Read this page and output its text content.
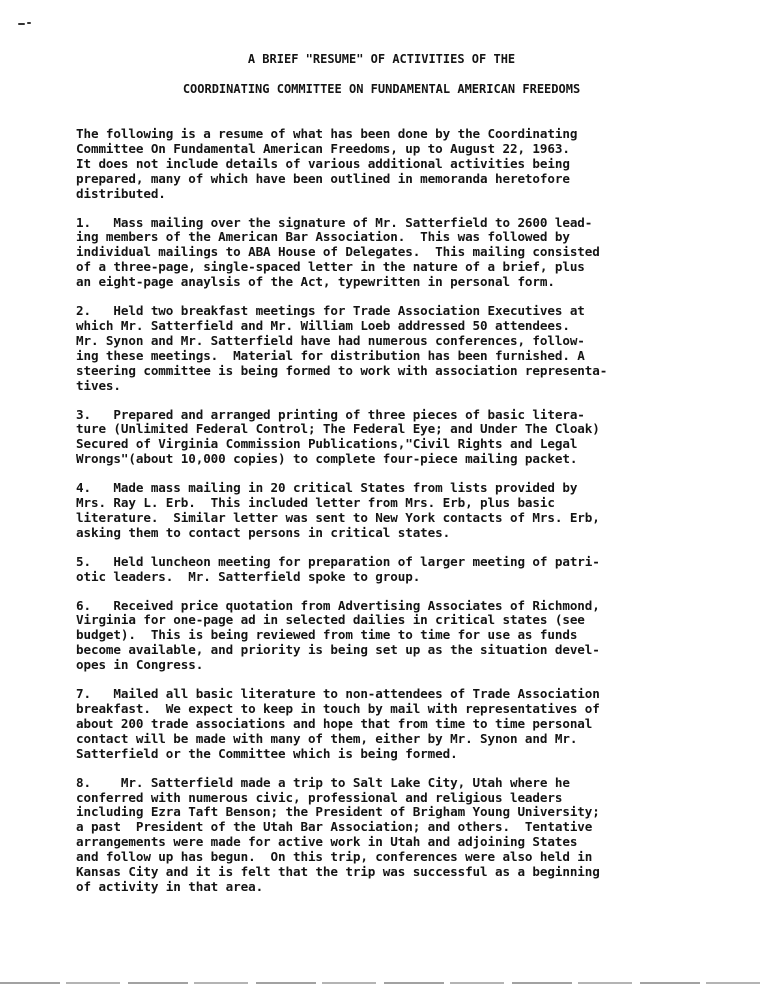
A BRIEF "RESUME" OF ACTIVITIES OF THE
COORDINATING COMMITTEE ON FUNDAMENTAL AMERICAN FREEDOMS

The following is a resume of what has been done by the Coordinating
Committee On Fundamental American Freedoms, up to August 22, 1963.
It does not include details of various additional activities being
prepared, many of which have been outlined in memoranda heretofore
distributed.

1.   Mass mailing over the signature of Mr. Satterfield to 2600 lead-
ing members of the American Bar Association.  This was followed by
individual mailings to ABA House of Delegates.  This mailing consisted
of a three-page, single-spaced letter in the nature of a brief, plus
an eight-page anaylsis of the Act, typewritten in personal form.

2.   Held two breakfast meetings for Trade Association Executives at
which Mr. Satterfield and Mr. William Loeb addressed 50 attendees.
Mr. Synon and Mr. Satterfield have had numerous conferences, follow-
ing these meetings.  Material for distribution has been furnished. A
steering committee is being formed to work with association representa-
tives.

3.   Prepared and arranged printing of three pieces of basic litera-
ture (Unlimited Federal Control; The Federal Eye; and Under The Cloak)
Secured of Virginia Commission Publications,"Civil Rights and Legal
Wrongs"(about 10,000 copies) to complete four-piece mailing packet.

4.   Made mass mailing in 20 critical States from lists provided by
Mrs. Ray L. Erb.  This included letter from Mrs. Erb, plus basic
literature.  Similar letter was sent to New York contacts of Mrs. Erb,
asking them to contact persons in critical states.

5.   Held luncheon meeting for preparation of larger meeting of patri-
otic leaders.  Mr. Satterfield spoke to group.

6.   Received price quotation from Advertising Associates of Richmond,
Virginia for one-page ad in selected dailies in critical states (see
budget).  This is being reviewed from time to time for use as funds
become available, and priority is being set up as the situation devel-
opes in Congress.

7.   Mailed all basic literature to non-attendees of Trade Association
breakfast.  We expect to keep in touch by mail with representatives of
about 200 trade associations and hope that from time to time personal
contact will be made with many of them, either by Mr. Synon and Mr.
Satterfield or the Committee which is being formed.

8.    Mr. Satterfield made a trip to Salt Lake City, Utah where he
conferred with numerous civic, professional and religious leaders
including Ezra Taft Benson; the President of Brigham Young University;
a past  President of the Utah Bar Association; and others.  Tentative
arrangements were made for active work in Utah and adjoining States
and follow up has begun.  On this trip, conferences were also held in
Kansas City and it is felt that the trip was successful as a beginning
of activity in that area.
